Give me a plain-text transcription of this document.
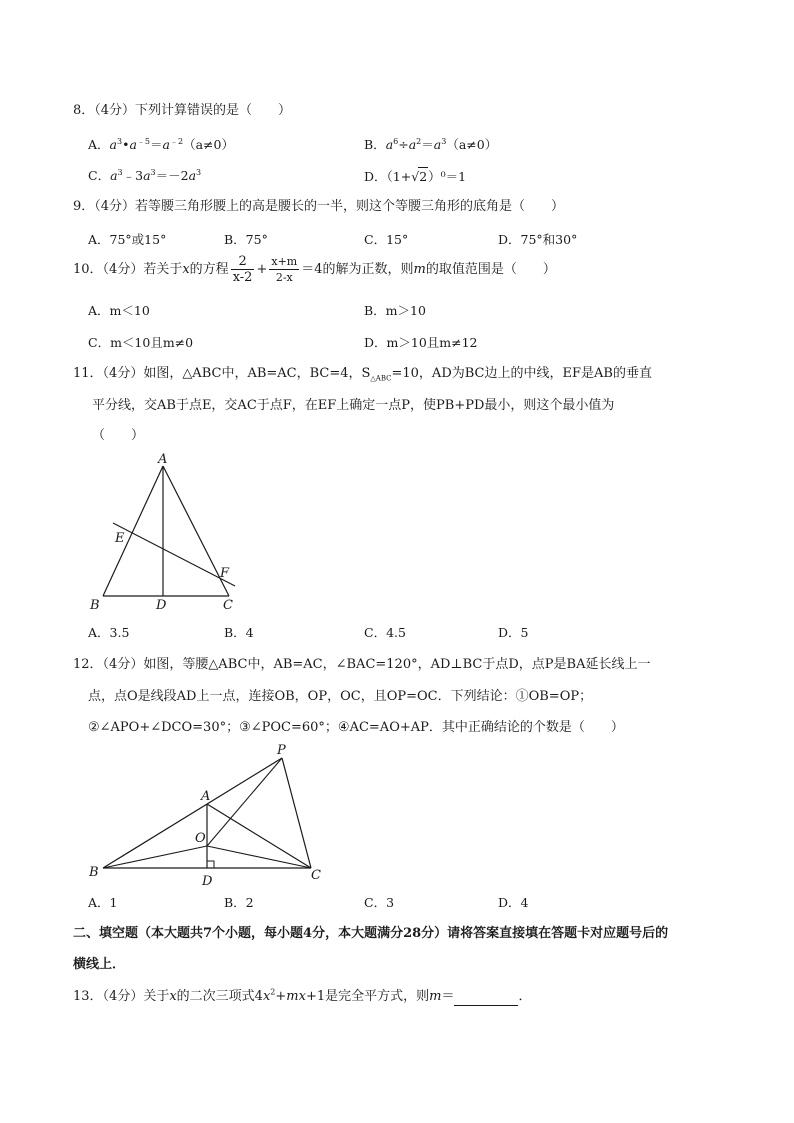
8．（4分）下列计算错误的是（　　）
A．$a^3•a^{﹣5}=a^{﹣2}(a\ne 0)$	B．$a^6\div a^2=a^3(a\ne 0)$
C．$a^3﹣3a^3=-2a^3$	D．（1+√2）⁰＝1
9．（4分）若等腰三角形腰上的高是腰长的一半，则这个等腰三角形的底角是（　　）
A．75°或15°	B．75°	C．15°	D．75°和30°
10．（4分）若关于x的方程 $\frac{2}{x-2} + \frac{x+m}{2-x} =4$的解为正数，则m的取值范围是（　　）
A．m＜10	B．m＞10
C．m＜10且m≠0	D．m＞10且m≠12
11．（4分）如图，△ABC中，AB=AC，BC=4，$S_{\triangle ABC}=10$，AD为BC边上的中线，EF是AB的垂直
平分线，交AB于点E，交AC于点F，在EF上确定一点P，使PB+PD最小，则这个最小值为
（　　）
A
B	C
D
E
F
A．3.5	B．4	C．4.5	D．5
12．（4分）如图，等腰△ABC中，AB=AC，∠BAC=120°，AD⊥BC于点D，点P是BA延长线上一
点，点O是线段AD上一点，连接OB，OP，OC，且OP=OC．下列结论：①OB=OP；
②∠APO+∠DCO=30°；③∠POC=60°；④AC=AO+AP．其中正确结论的个数是（　　）
P
A
O
B
D	C
A．1	B．2	C．3	D．4
二、填空题（本大题共7个小题，每小题4分，本大题满分28分）请将答案直接填在答题卡对应题号后的
横线上．
13．（4分）关于x的二次三项式$4x^2+mx+1$是完全平方式，则m＝	．
